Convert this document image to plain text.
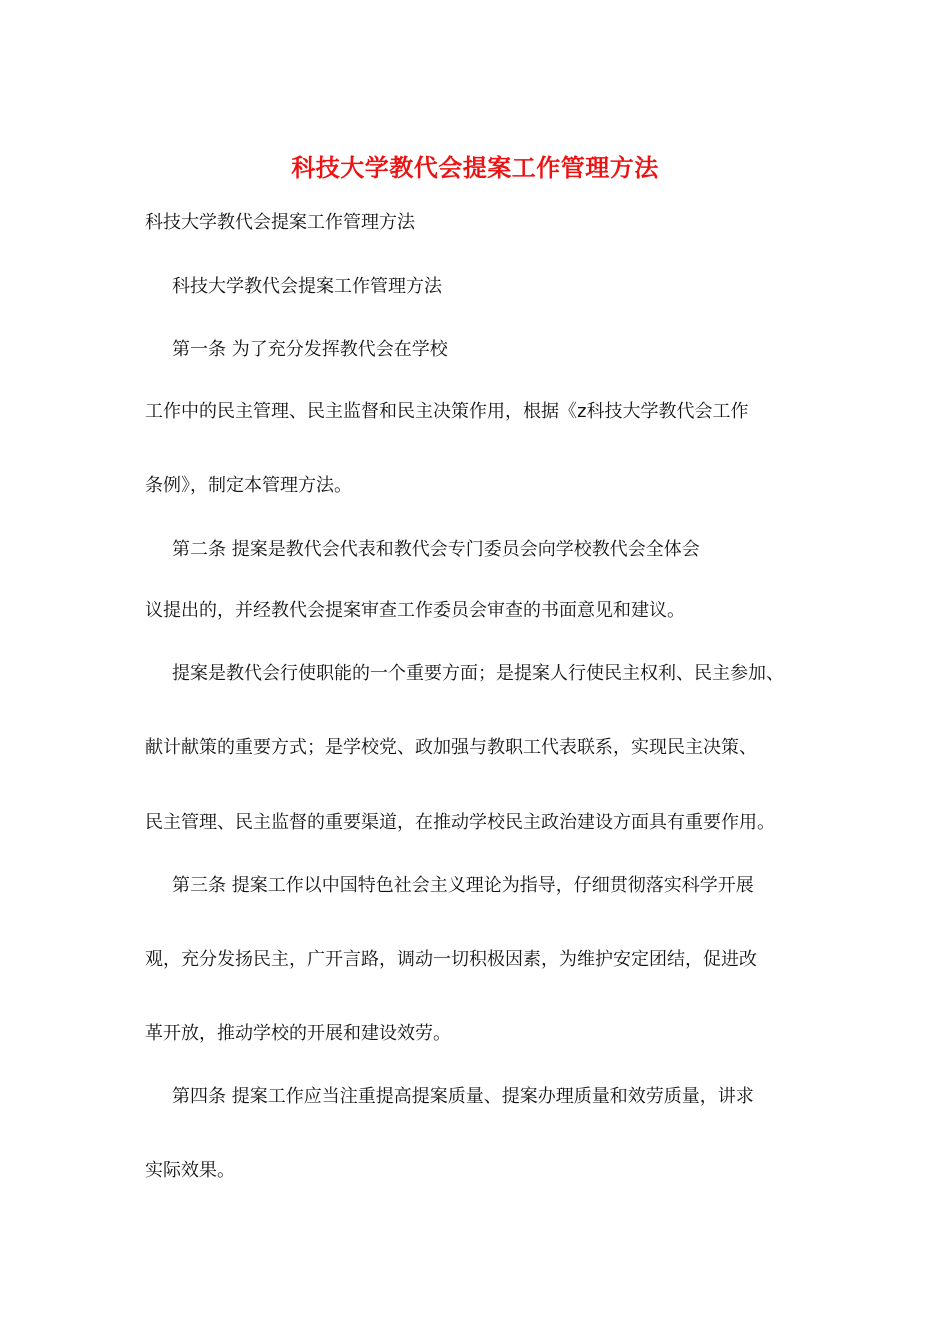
科技大学教代会提案工作管理方法
科技大学教代会提案工作管理方法
科技大学教代会提案工作管理方法
第一条 为了充分发挥教代会在学校
工作中的民主管理、民主监督和民主决策作用，根据《z科技大学教代会工作
条例》，制定本管理方法。
第二条 提案是教代会代表和教代会专门委员会向学校教代会全体会
议提出的，并经教代会提案审查工作委员会审查的书面意见和建议。
提案是教代会行使职能的一个重要方面；是提案人行使民主权利、民主参加、
献计献策的重要方式；是学校党、政加强与教职工代表联系，实现民主决策、
民主管理、民主监督的重要渠道，在推动学校民主政治建设方面具有重要作用。
第三条 提案工作以中国特色社会主义理论为指导，仔细贯彻落实科学开展
观，充分发扬民主，广开言路，调动一切积极因素，为维护安定团结，促进改
革开放，推动学校的开展和建设效劳。
第四条 提案工作应当注重提高提案质量、提案办理质量和效劳质量，讲求
实际效果。
